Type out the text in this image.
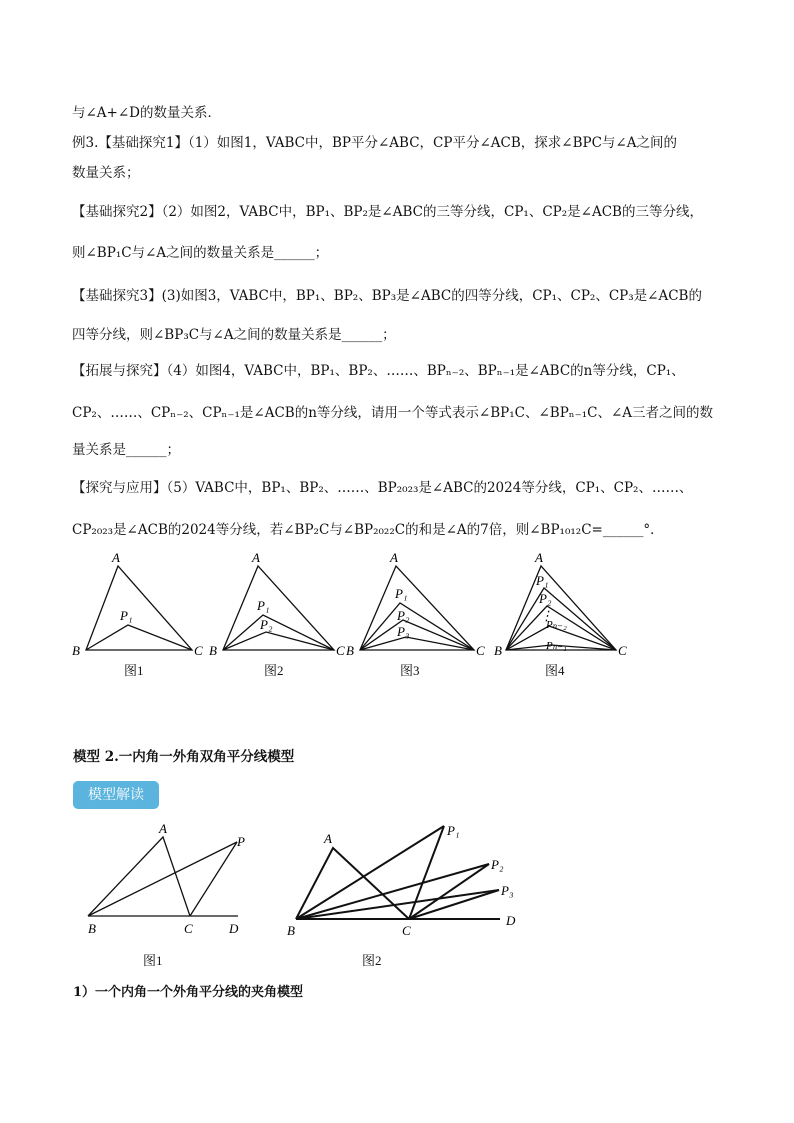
与∠A+∠D的数量关系．
例3.【基础探究1】（1）如图1，VABC中，BP平分∠ABC，CP平分∠ACB，探求∠BPC与∠A之间的
数量关系；
【基础探究2】（2）如图2，VABC中，BP₁、BP₂是∠ABC的三等分线，CP₁、CP₂是∠ACB的三等分线，
则∠BP₁C与∠A之间的数量关系是______；
【基础探究3】(3)如图3，VABC中，BP₁、BP₂、BP₃是∠ABC的四等分线，CP₁、CP₂、CP₃是∠ACB的
四等分线，则∠BP₃C与∠A之间的数量关系是______；
【拓展与探究】（4）如图4，VABC中，BP₁、BP₂、……、BPₙ₋₂、BPₙ₋₁是∠ABC的n等分线，CP₁、
CP₂、……、CPₙ₋₂、CPₙ₋₁是∠ACB的n等分线，请用一个等式表示∠BP₁C、∠BPₙ₋₁C、∠A三者之间的数
量关系是______；
【探究与应用】（5）VABC中，BP₁、BP₂、……、BP₂₀₂₃是∠ABC的2024等分线，CP₁、CP₂、……、
CP₂₀₂₃是∠ACB的2024等分线，若∠BP₂C与∠BP₂₀₂₂C的和是∠A的7倍，则∠BP₁₀₁₂C=______°．
A
B	C
P₁
A
B	C
P₁
P₂
A
B	C
P₁
P₂
P₃
A
B	C
P₁
P₂
⋮
Pₙ₋₂
Pₙ₋₁
图1	图2	图3	图4
模型 2.一内角一外角双角平分线模型
模型解读
A
B	C	D
P	A
B	C
D
P₁
P₂
P₃
图1	图2
1）一个内角一个外角平分线的夹角模型
